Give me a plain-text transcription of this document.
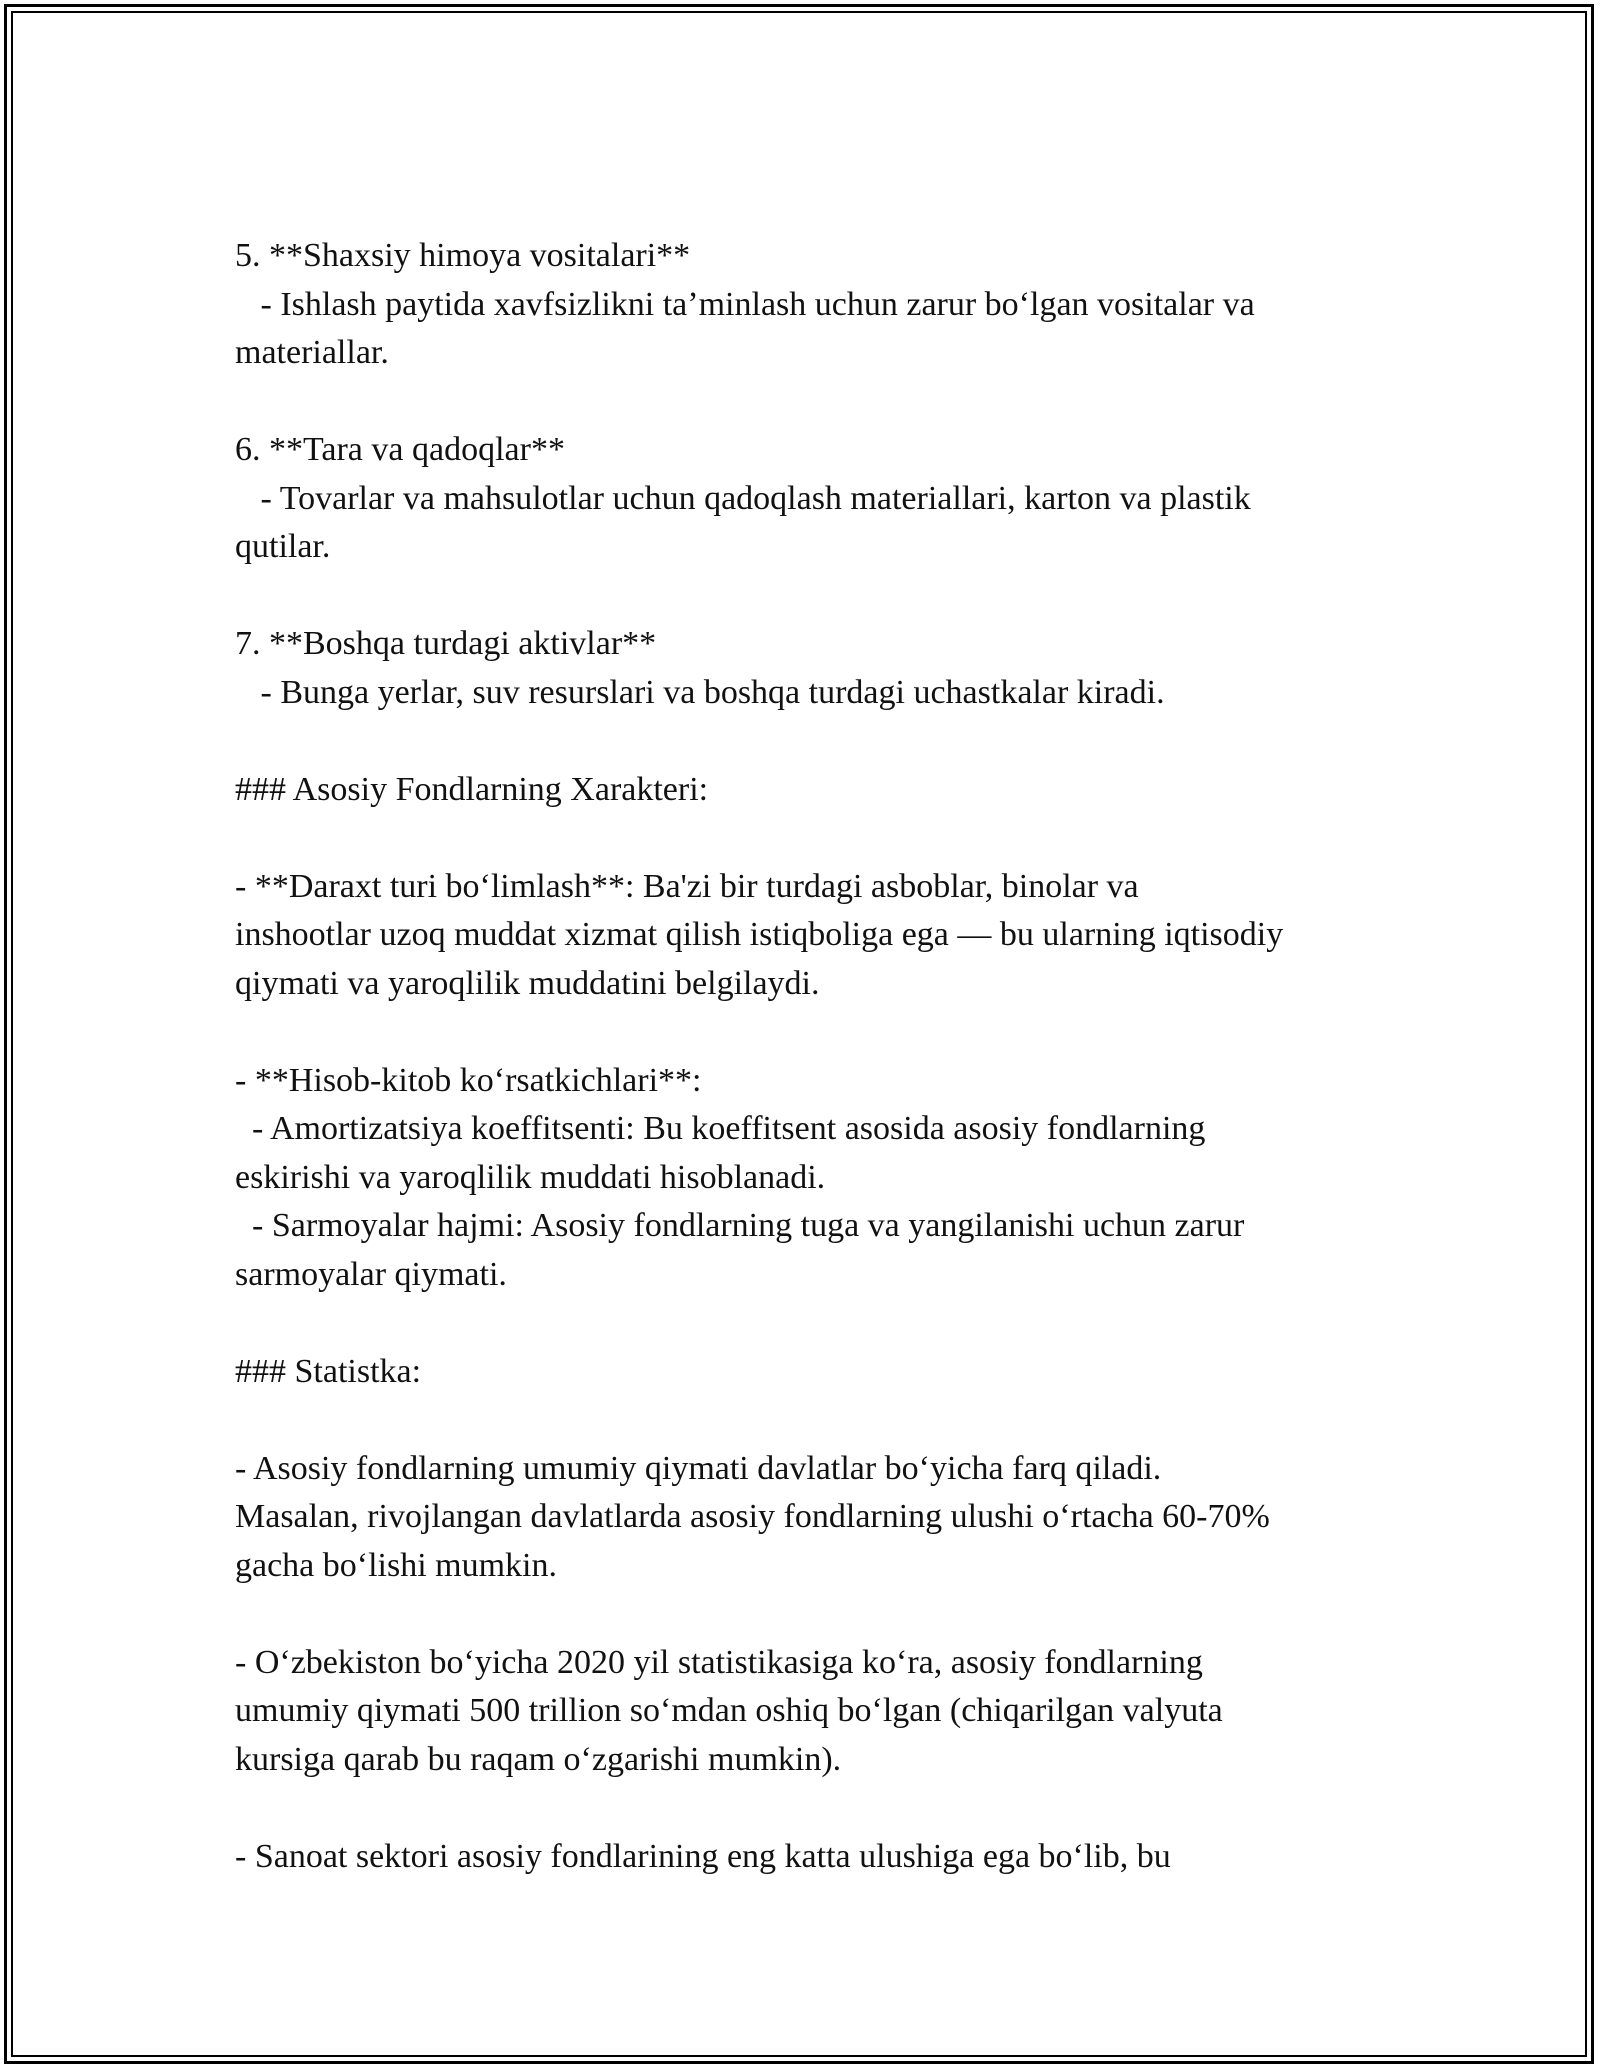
5. **Shaxsiy himoya vositalari**
- Ishlash paytida xavfsizlikni taʼminlash uchun zarur boʻlgan vositalar va
materiallar.
6. **Tara va qadoqlar**
- Tovarlar va mahsulotlar uchun qadoqlash materiallari, karton va plastik
qutilar.
7. **Boshqa turdagi aktivlar**
- Bunga yerlar, suv resurslari va boshqa turdagi uchastkalar kiradi.
### Asosiy Fondlarning Xarakteri:
- **Daraxt turi boʻlimlash**: Ba'zi bir turdagi asboblar, binolar va
inshootlar uzoq muddat xizmat qilish istiqboliga ega — bu ularning iqtisodiy
qiymati va yaroqlilik muddatini belgilaydi.
- **Hisob-kitob koʻrsatkichlari**:
- Amortizatsiya koeffitsenti: Bu koeffitsent asosida asosiy fondlarning
eskirishi va yaroqlilik muddati hisoblanadi.
- Sarmoyalar hajmi: Asosiy fondlarning tuga va yangilanishi uchun zarur
sarmoyalar qiymati.
### Statistka:
- Asosiy fondlarning umumiy qiymati davlatlar boʻyicha farq qiladi.
Masalan, rivojlangan davlatlarda asosiy fondlarning ulushi oʻrtacha 60-70%
gacha boʻlishi mumkin.
- Oʻzbekiston boʻyicha 2020 yil statistikasiga koʻra, asosiy fondlarning
umumiy qiymati 500 trillion soʻmdan oshiq boʻlgan (chiqarilgan valyuta
kursiga qarab bu raqam oʻzgarishi mumkin).
- Sanoat sektori asosiy fondlarining eng katta ulushiga ega boʻlib, bu
